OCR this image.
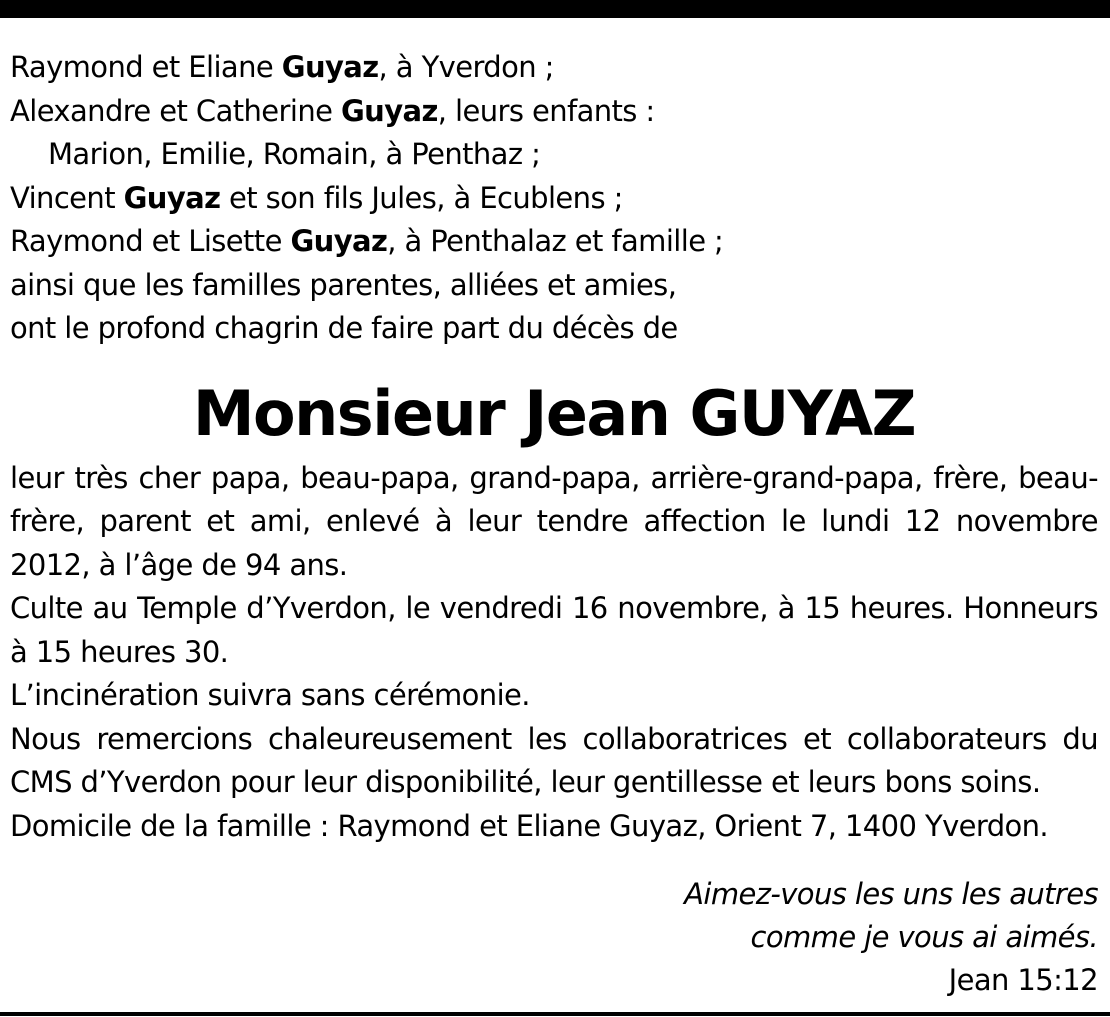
Raymond et Eliane Guyaz, à Yverdon ;
Alexandre et Catherine Guyaz, leurs enfants :
Marion, Emilie, Romain, à Penthaz ;
Vincent Guyaz et son fils Jules, à Ecublens ;
Raymond et Lisette Guyaz, à Penthalaz et famille ;
ainsi que les familles parentes, alliées et amies,
ont le profond chagrin de faire part du décès de
Monsieur Jean GUYAZ

leur très cher papa, beau-papa, grand-papa, arrière-grand-papa, frère, beau-frère, parent et ami, enlevé à leur tendre affection le lundi 12 novembre 2012, à l’âge de 94 ans.

Culte au Temple d’Yverdon, le vendredi 16 novembre, à 15 heures. Honneurs à 15 heures 30.

L’incinération suivra sans cérémonie.

Nous remercions chaleureusement les collaboratrices et collaborateurs du CMS d’Yverdon pour leur disponibilité, leur gentillesse et leurs bons soins.

Domicile de la famille : Raymond et Eliane Guyaz, Orient 7, 1400 Yverdon.

Aimez-vous les uns les autres
comme je vous ai aimés.
Jean 15:12
